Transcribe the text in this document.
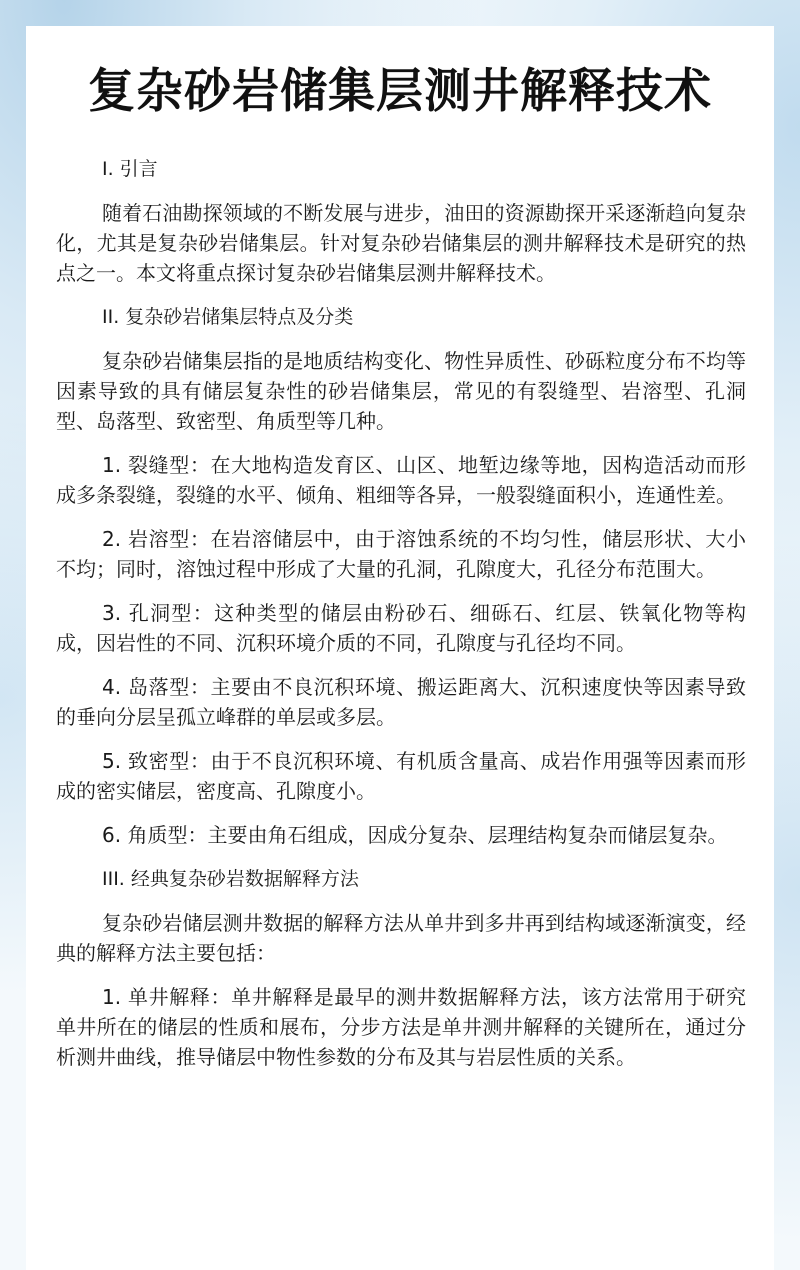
复杂砂岩储集层测井解释技术

I. 引言

随着石油勘探领域的不断发展与进步，油田的资源勘探开采逐渐趋向复杂化，尤其是复杂砂岩储集层。针对复杂砂岩储集层的测井解释技术是研究的热点之一。本文将重点探讨复杂砂岩储集层测井解释技术。

II. 复杂砂岩储集层特点及分类

复杂砂岩储集层指的是地质结构变化、物性异质性、砂砾粒度分布不均等因素导致的具有储层复杂性的砂岩储集层，常见的有裂缝型、岩溶型、孔洞型、岛落型、致密型、角质型等几种。

1. 裂缝型：在大地构造发育区、山区、地堑边缘等地，因构造活动而形成多条裂缝，裂缝的水平、倾角、粗细等各异，一般裂缝面积小，连通性差。

2. 岩溶型：在岩溶储层中，由于溶蚀系统的不均匀性，储层形状、大小不均；同时，溶蚀过程中形成了大量的孔洞，孔隙度大，孔径分布范围大。

3. 孔洞型：这种类型的储层由粉砂石、细砾石、红层、铁氧化物等构成，因岩性的不同、沉积环境介质的不同，孔隙度与孔径均不同。

4. 岛落型：主要由不良沉积环境、搬运距离大、沉积速度快等因素导致的垂向分层呈孤立峰群的单层或多层。

5. 致密型：由于不良沉积环境、有机质含量高、成岩作用强等因素而形成的密实储层，密度高、孔隙度小。

6. 角质型：主要由角石组成，因成分复杂、层理结构复杂而储层复杂。

III. 经典复杂砂岩数据解释方法

复杂砂岩储层测井数据的解释方法从单井到多井再到结构域逐渐演变，经典的解释方法主要包括：

1. 单井解释：单井解释是最早的测井数据解释方法，该方法常用于研究单井所在的储层的性质和展布，分步方法是单井测井解释的关键所在，通过分析测井曲线，推导储层中物性参数的分布及其与岩层性质的关系。
